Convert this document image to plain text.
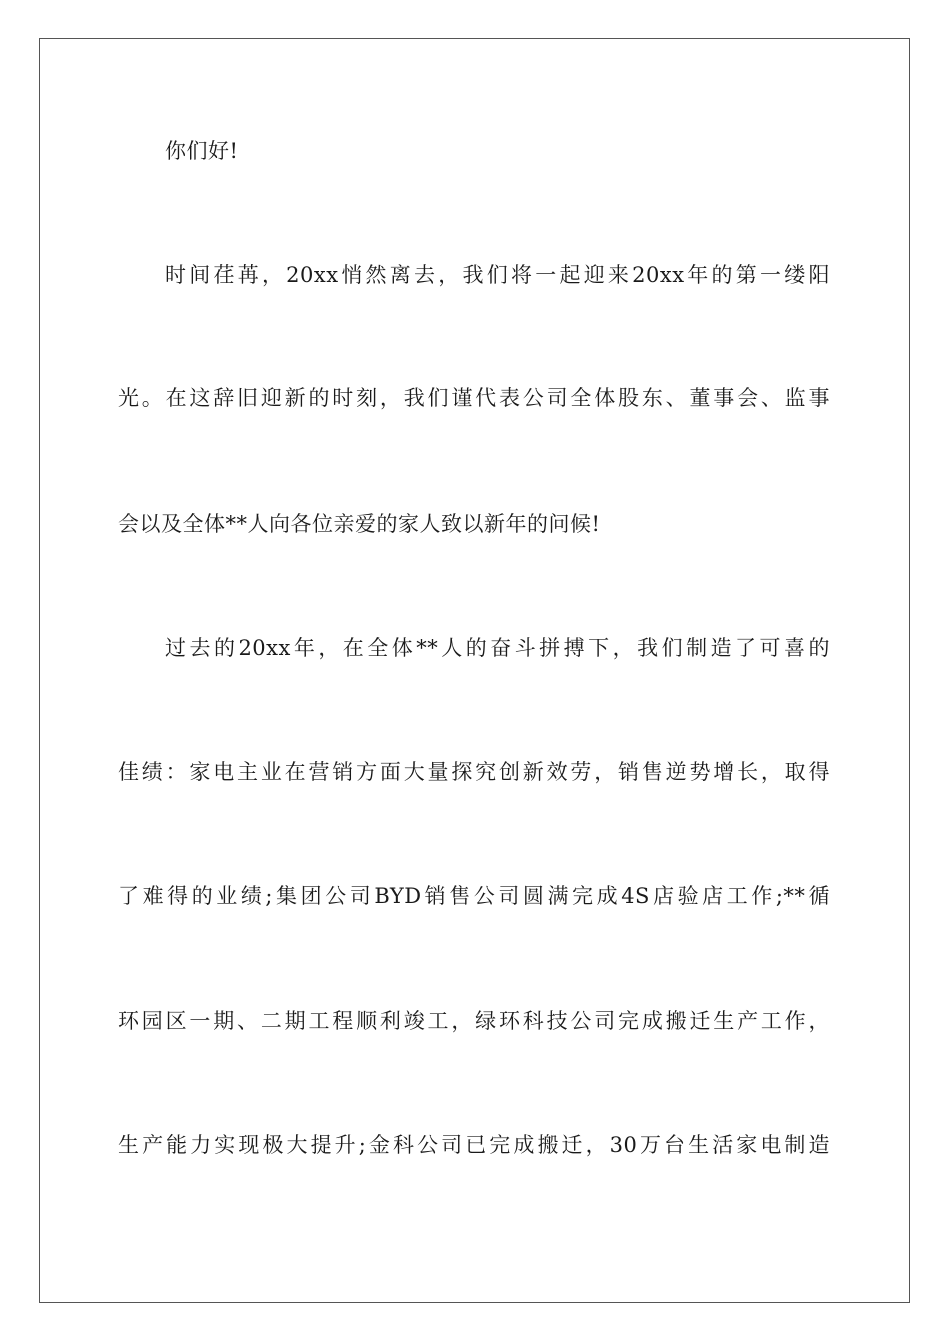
你们好!
时间荏苒，20xx悄然离去，我们将一起迎来20xx年的第一缕阳
光。在这辞旧迎新的时刻，我们谨代表公司全体股东、董事会、监事
会以及全体**人向各位亲爱的家人致以新年的问候!
过去的20xx年，在全体**人的奋斗拼搏下，我们制造了可喜的
佳绩：家电主业在营销方面大量探究创新效劳，销售逆势增长，取得
了难得的业绩;集团公司BYD销售公司圆满完成4S店验店工作;**循
环园区一期、二期工程顺利竣工，绿环科技公司完成搬迁生产工作，
生产能力实现极大提升;金科公司已完成搬迁，30万台生活家电制造
